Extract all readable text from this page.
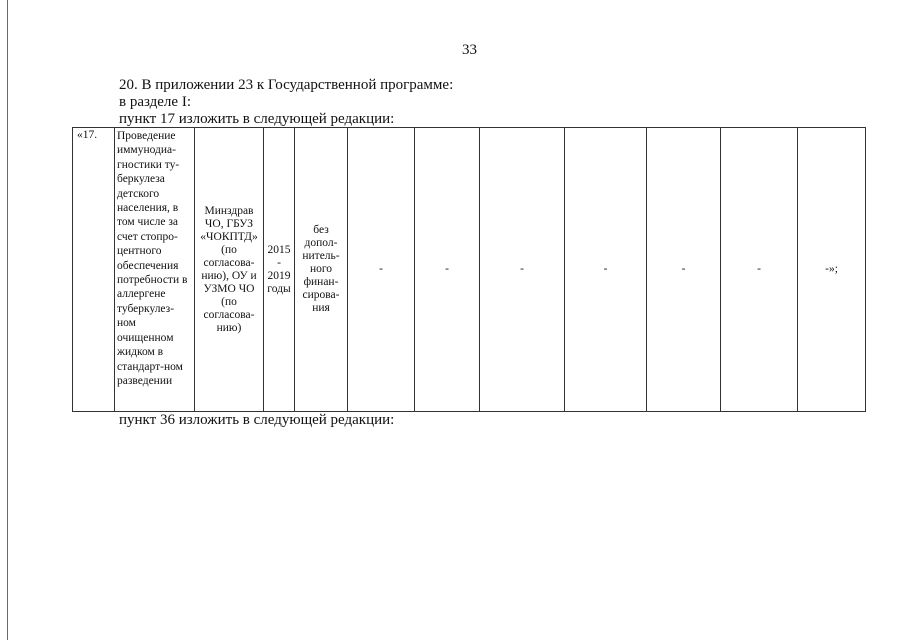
33
20. В приложении 23 к Государственной программе:
в разделе I:
пункт 17 изложить в следующей редакции:
«17.	Проведение иммунодиа-гностики ту-беркулеза детского населения, в том числе за счет стопро-центного обеспечения потребности в аллергене туберкулез-ном очищенном жидком в стандарт-ном разведении	Минздрав ЧО, ГБУЗ «ЧОКПТД» (по согласова-нию), ОУ и УЗМО ЧО (по согласова-нию)	2015 - 2019 годы	без допол-нитель-ного финан-сирова-ния	-	-	-	-	-	-	-»;
пункт 36 изложить в следующей редакции:
